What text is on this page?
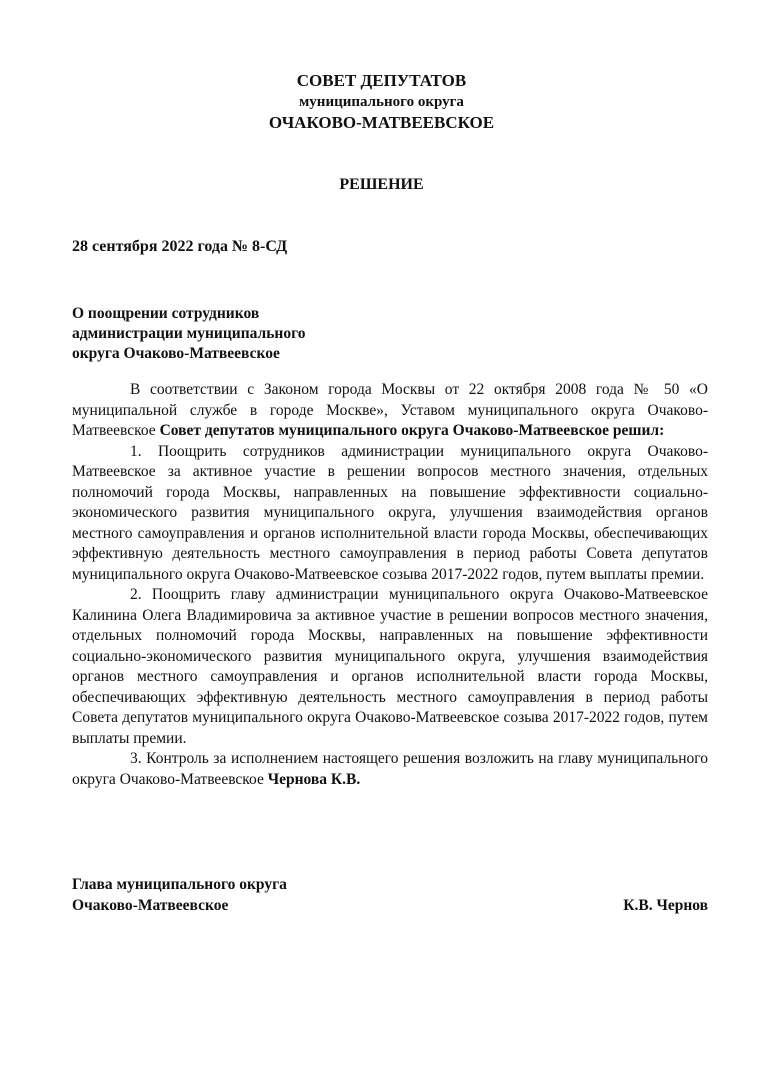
СОВЕТ ДЕПУТАТОВ
муниципального округа
ОЧАКОВО-МАТВЕЕВСКОЕ
РЕШЕНИЕ
28 сентября 2022 года № 8-СД
О поощрении сотрудников
администрации муниципального
округа Очаково-Матвеевское

В соответствии с Законом города Москвы от 22 октября 2008 года № 50 «О муниципальной службе в городе Москве», Уставом муниципального округа Очаково-Матвеевское Совет депутатов муниципального округа Очаково-Матвеевское решил:

1. Поощрить сотрудников администрации муниципального округа Очаково-Матвеевское за активное участие в решении вопросов местного значения, отдельных полномочий города Москвы, направленных на повышение эффективности социально-экономического развития муниципального округа, улучшения взаимодействия органов местного самоуправления и органов исполнительной власти города Москвы, обеспечивающих эффективную деятельность местного самоуправления в период работы Совета депутатов муниципального округа Очаково-Матвеевское созыва 2017-2022 годов, путем выплаты премии.

2. Поощрить главу администрации муниципального округа Очаково-Матвеевское Калинина Олега Владимировича за активное участие в решении вопросов местного значения, отдельных полномочий города Москвы, направленных на повышение эффективности социально-экономического развития муниципального округа, улучшения взаимодействия органов местного самоуправления и органов исполнительной власти города Москвы, обеспечивающих эффективную деятельность местного самоуправления в период работы Совета депутатов муниципального округа Очаково-Матвеевское созыва 2017-2022 годов, путем выплаты премии.

3. Контроль за исполнением настоящего решения возложить на главу муниципального округа Очаково-Матвеевское Чернова К.В.

Глава муниципального округа
Очаково-Матвеевское	К.В. Чернов
